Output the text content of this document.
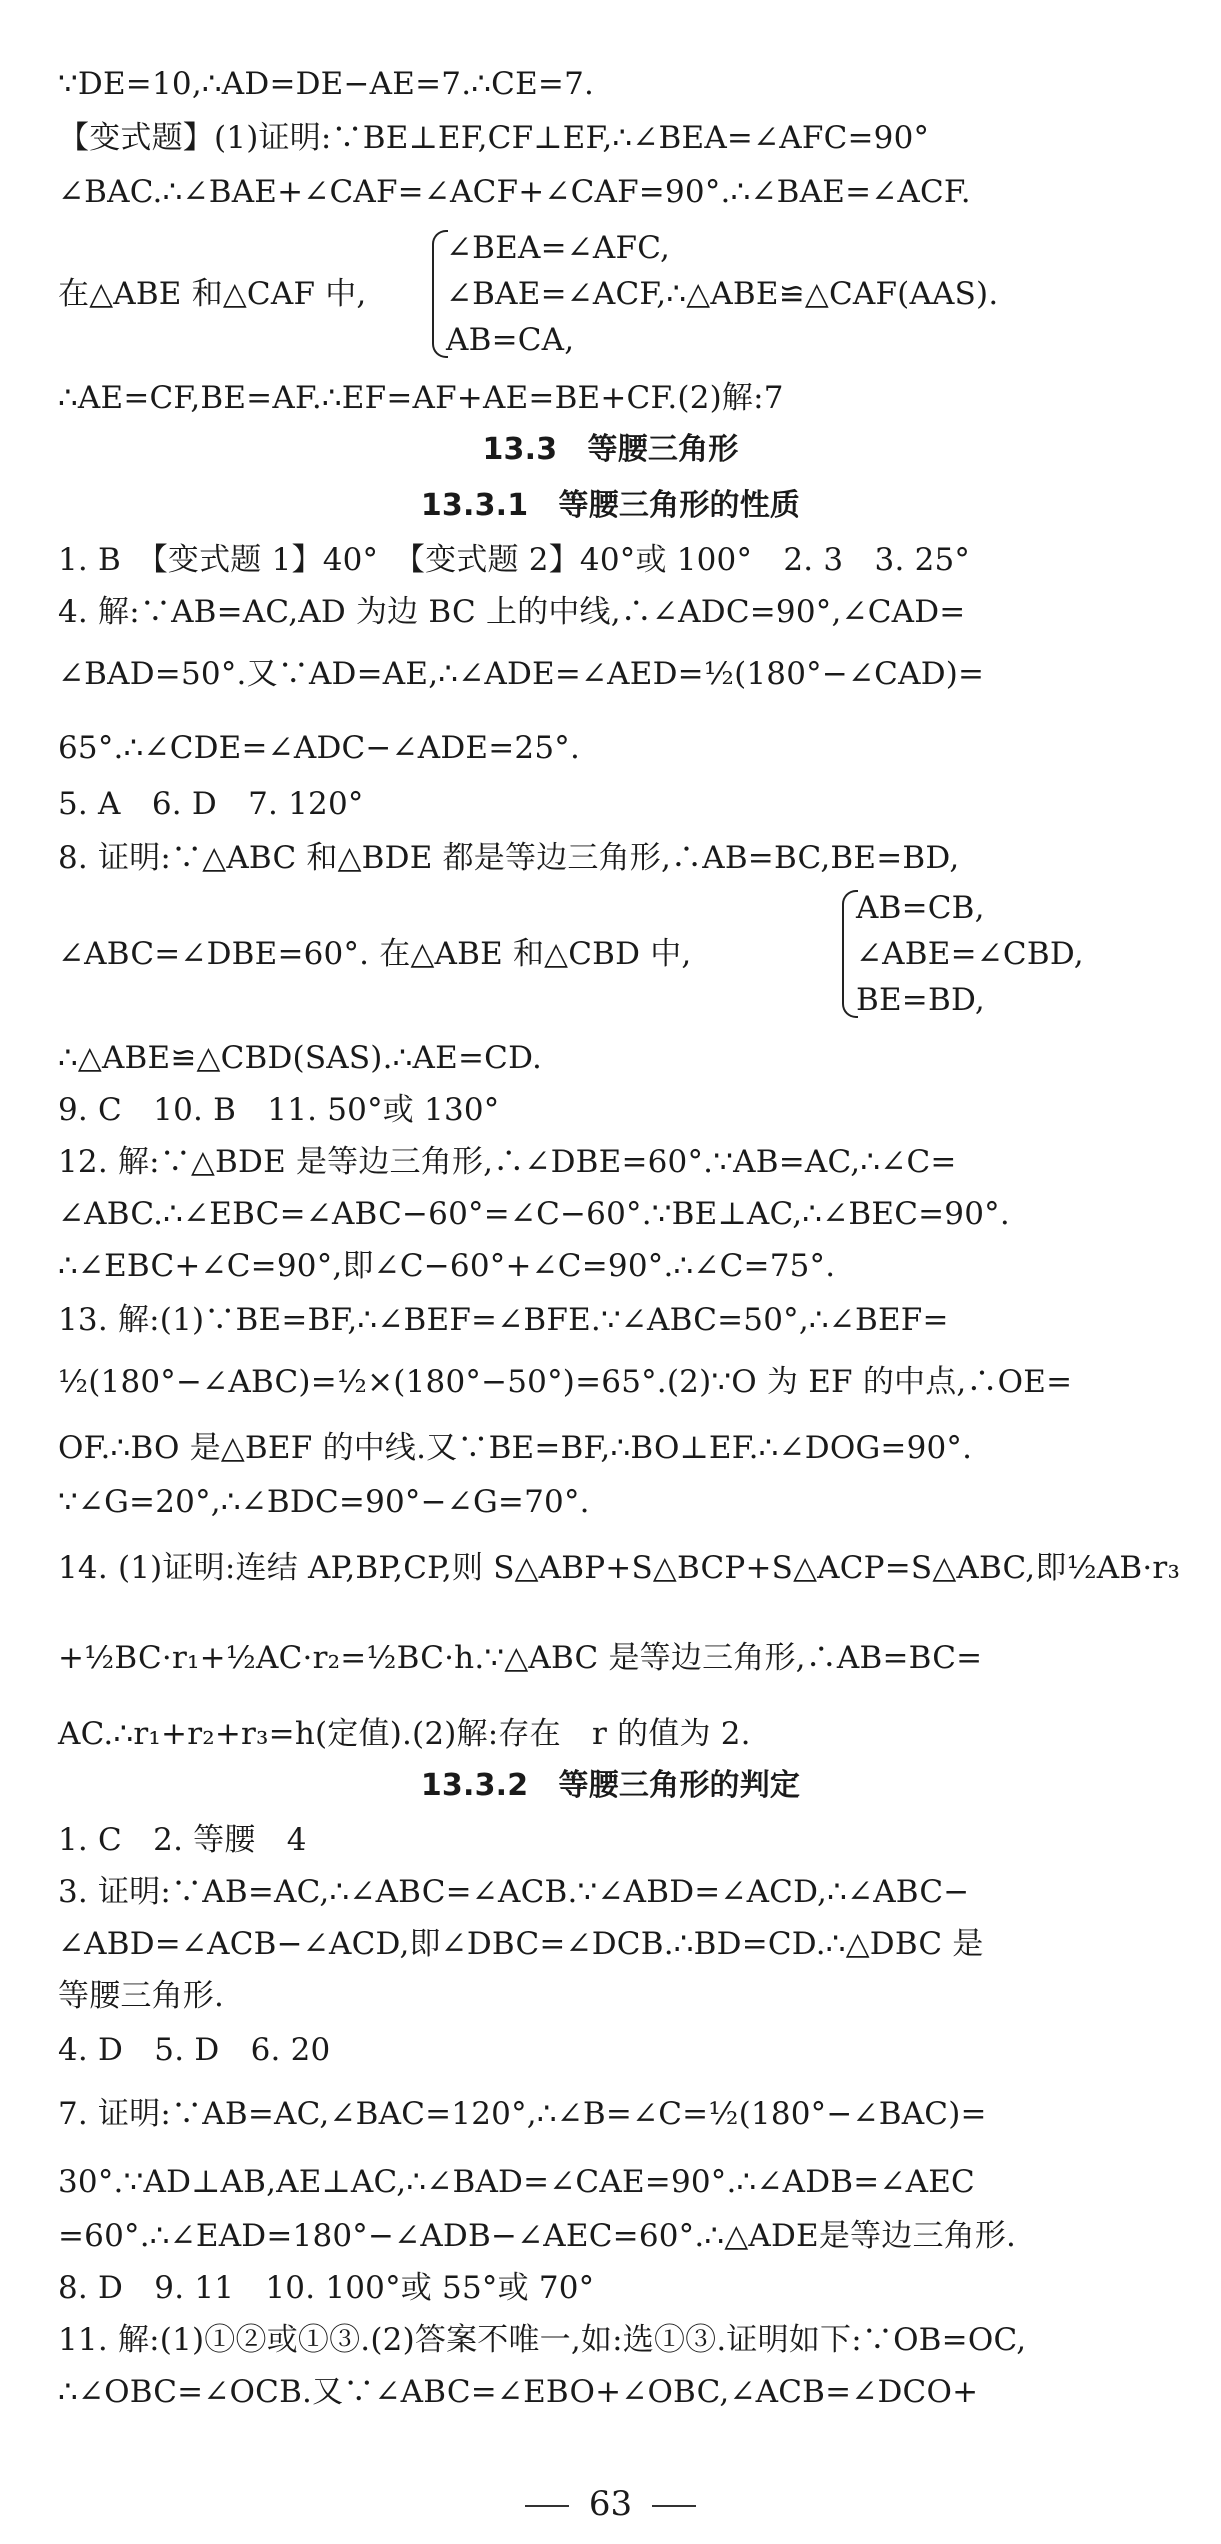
∵DE=10,∴AD=DE−AE=7.∴CE=7.
【变式题】(1)证明:∵BE⊥EF,CF⊥EF,∴∠BEA=∠AFC=90°
∠BAC.∴∠BAE+∠CAF=∠ACF+∠CAF=90°.∴∠BAE=∠ACF.
∠BEA=∠AFC,
在△ABE 和△CAF 中,	∠BAE=∠ACF,∴△ABE≌△CAF(AAS).
AB=CA,
∴AE=CF,BE=AF.∴EF=AF+AE=BE+CF.(2)解:7
13.3　等腰三角形
13.3.1　等腰三角形的性质
1. B　【变式题 1】40°　【变式题 2】40°或 100°　2. 3　3. 25°
4. 解:∵AB=AC,AD 为边 BC 上的中线,∴∠ADC=90°,∠CAD=
∠BAD=50°.又∵AD=AE,∴∠ADE=∠AED=½(180°−∠CAD)=
65°.∴∠CDE=∠ADC−∠ADE=25°.
5. A　6. D　7. 120°
8. 证明:∵△ABC 和△BDE 都是等边三角形,∴AB=BC,BE=BD,
AB=CB,
∠ABC=∠DBE=60°. 在△ABE 和△CBD 中,	∠ABE=∠CBD,
BE=BD,
∴△ABE≌△CBD(SAS).∴AE=CD.
9. C　10. B　11. 50°或 130°
12. 解:∵△BDE 是等边三角形,∴∠DBE=60°.∵AB=AC,∴∠C=
∠ABC.∴∠EBC=∠ABC−60°=∠C−60°.∵BE⊥AC,∴∠BEC=90°.
∴∠EBC+∠C=90°,即∠C−60°+∠C=90°.∴∠C=75°.
13. 解:(1)∵BE=BF,∴∠BEF=∠BFE.∵∠ABC=50°,∴∠BEF=
½(180°−∠ABC)=½×(180°−50°)=65°.(2)∵O 为 EF 的中点,∴OE=
OF.∴BO 是△BEF 的中线.又∵BE=BF,∴BO⊥EF.∴∠DOG=90°.
∵∠G=20°,∴∠BDC=90°−∠G=70°.
14. (1)证明:连结 AP,BP,CP,则 S△ABP+S△BCP+S△ACP=S△ABC,即½AB·r₃
+½BC·r₁+½AC·r₂=½BC·h.∵△ABC 是等边三角形,∴AB=BC=
AC.∴r₁+r₂+r₃=h(定值).(2)解:存在　r 的值为 2.
13.3.2　等腰三角形的判定
1. C　2. 等腰　4
3. 证明:∵AB=AC,∴∠ABC=∠ACB.∵∠ABD=∠ACD,∴∠ABC−
∠ABD=∠ACB−∠ACD,即∠DBC=∠DCB.∴BD=CD.∴△DBC 是
等腰三角形.
4. D　5. D　6. 20
7. 证明:∵AB=AC,∠BAC=120°,∴∠B=∠C=½(180°−∠BAC)=
30°.∵AD⊥AB,AE⊥AC,∴∠BAD=∠CAE=90°.∴∠ADB=∠AEC
=60°.∴∠EAD=180°−∠ADB−∠AEC=60°.∴△ADE是等边三角形.
8. D　9. 11　10. 100°或 55°或 70°
11. 解:(1)①②或①③.(2)答案不唯一,如:选①③.证明如下:∵OB=OC,
∴∠OBC=∠OCB.又∵∠ABC=∠EBO+∠OBC,∠ACB=∠DCO+
63
